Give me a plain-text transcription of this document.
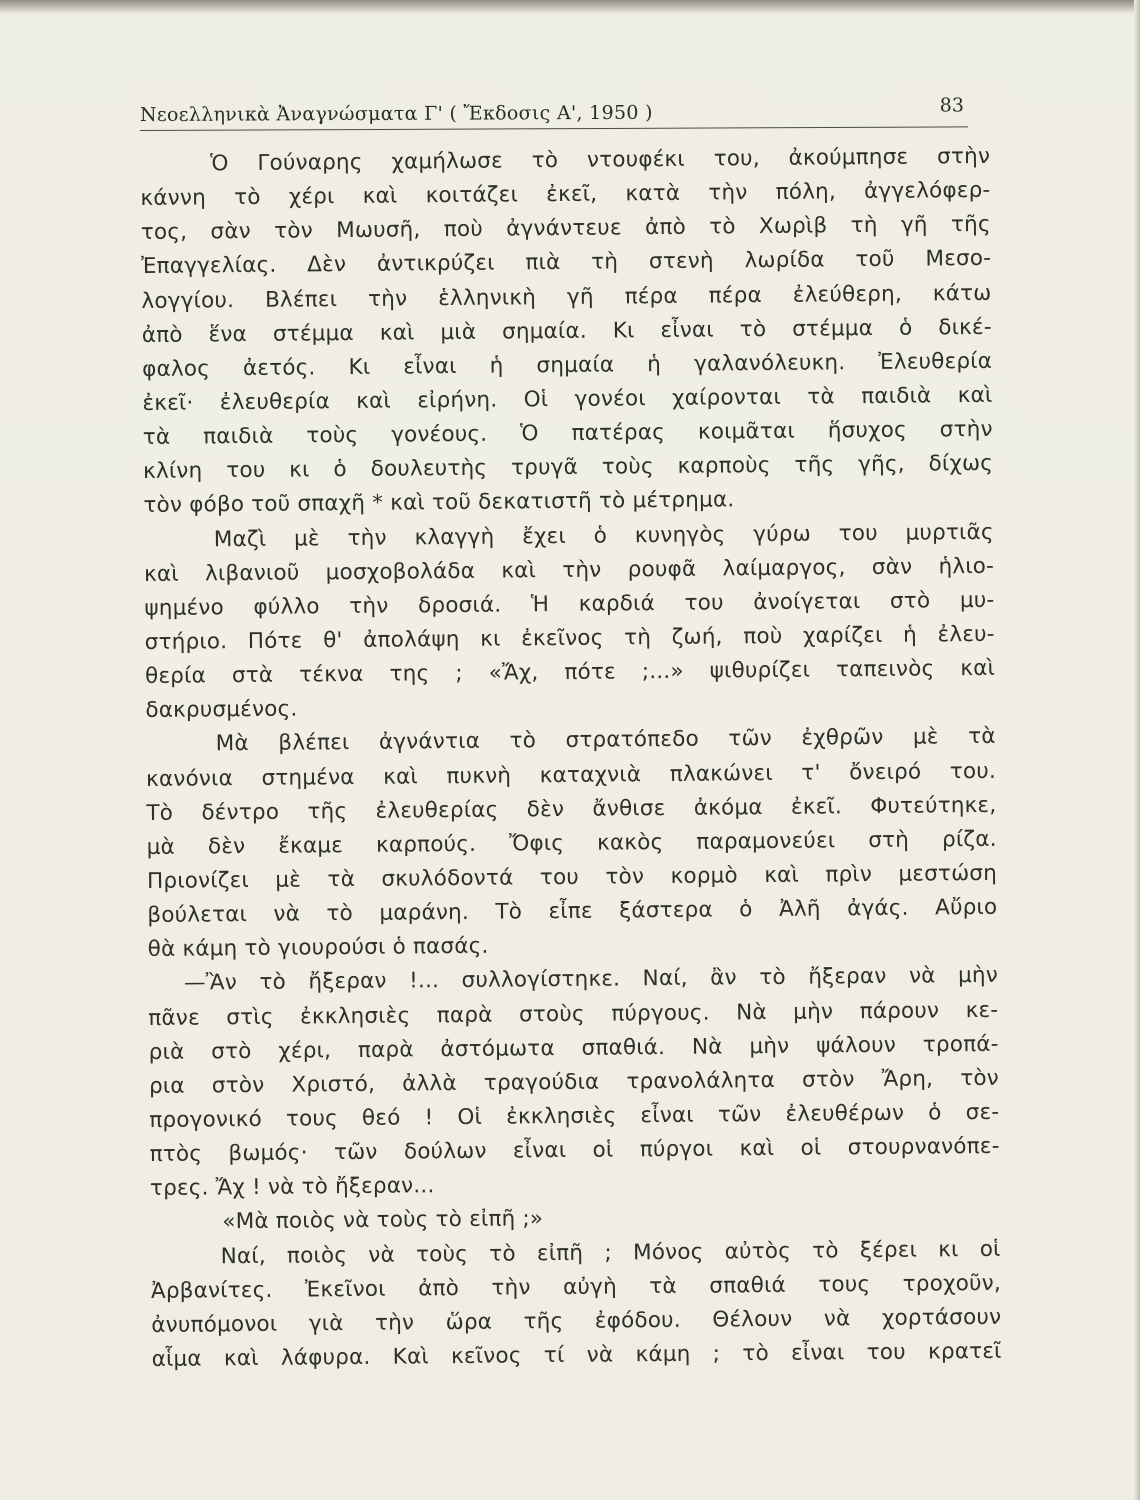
Νεοελληνικὰ Ἀναγνώσματα Γ' ( Ἔκδοσις Α', 1950 )	83
Ὁ Γούναρης χαμήλωσε τὸ ντουφέκι του, ἀκούμπησε στὴν
κάννη τὸ χέρι καὶ κοιτάζει ἐκεῖ, κατὰ τὴν πόλη, ἀγγελόφερ-
τος, σὰν τὸν Μωυσῆ, ποὺ ἀγνάντευε ἀπὸ τὸ Χωρὶβ τὴ γῆ τῆς
Ἐπαγγελίας. Δὲν ἀντικρύζει πιὰ τὴ στενὴ λωρίδα τοῦ Μεσο-
λογγίου. Βλέπει τὴν ἑλληνικὴ γῆ πέρα πέρα ἐλεύθερη, κάτω
ἀπὸ ἕνα στέμμα καὶ μιὰ σημαία. Κι εἶναι τὸ στέμμα ὁ δικέ-
φαλος ἀετός. Κι εἶναι ἡ σημαία ἡ γαλανόλευκη. Ἐλευθερία
ἐκεῖ· ἐλευθερία καὶ εἰρήνη. Οἱ γονέοι χαίρονται τὰ παιδιὰ καὶ
τὰ παιδιὰ τοὺς γονέους. Ὁ πατέρας κοιμᾶται ἥσυχος στὴν
κλίνη του κι ὁ δουλευτὴς τρυγᾶ τοὺς καρποὺς τῆς γῆς, δίχως
τὸν φόβο τοῦ σπαχῆ * καὶ τοῦ δεκατιστῆ τὸ μέτρημα.
Μαζὶ μὲ τὴν κλαγγὴ ἔχει ὁ κυνηγὸς γύρω του μυρτιᾶς
καὶ λιβανιοῦ μοσχοβολάδα καὶ τὴν ρουφᾶ λαίμαργος, σὰν ἡλιο-
ψημένο φύλλο τὴν δροσιά. Ἡ καρδιά του ἀνοίγεται στὸ μυ-
στήριο. Πότε θ' ἀπολάψη κι ἐκεῖνος τὴ ζωή, ποὺ χαρίζει ἡ ἐλευ-
θερία στὰ τέκνα της ; «Ἄχ, πότε ;...» ψιθυρίζει ταπεινὸς καὶ
δακρυσμένος.
Μὰ βλέπει ἀγνάντια τὸ στρατόπεδο τῶν ἐχθρῶν μὲ τὰ
κανόνια στημένα καὶ πυκνὴ καταχνιὰ πλακώνει τ' ὄνειρό του.
Τὸ δέντρο τῆς ἐλευθερίας δὲν ἄνθισε ἀκόμα ἐκεῖ. Φυτεύτηκε,
μὰ δὲν ἔκαμε καρπούς. Ὄφις κακὸς παραμονεύει στὴ ρίζα.
Πριονίζει μὲ τὰ σκυλόδοντά του τὸν κορμὸ καὶ πρὶν μεστώση
βούλεται νὰ τὸ μαράνη. Τὸ εἶπε ξάστερα ὁ Ἀλῆ ἀγάς. Αὔριο
θὰ κάμη τὸ γιουρούσι ὁ πασάς.
—Ἂν τὸ ἤξεραν !... συλλογίστηκε. Ναί, ἂν τὸ ἤξεραν νὰ μὴν
πᾶνε στὶς ἐκκλησιὲς παρὰ στοὺς πύργους. Νὰ μὴν πάρουν κε-
ριὰ στὸ χέρι, παρὰ ἀστόμωτα σπαθιά. Νὰ μὴν ψάλουν τροπά-
ρια στὸν Χριστό, ἀλλὰ τραγούδια τρανολάλητα στὸν Ἄρη, τὸν
προγονικό τους θεό ! Οἱ ἐκκλησιὲς εἶναι τῶν ἐλευθέρων ὁ σε-
πτὸς βωμός· τῶν δούλων εἶναι οἱ πύργοι καὶ οἱ στουρνανόπε-
τρες. Ἄχ ! νὰ τὸ ἤξεραν...
«Μὰ ποιὸς νὰ τοὺς τὸ εἰπῆ ;»
Ναί, ποιὸς νὰ τοὺς τὸ εἰπῆ ; Μόνος αὐτὸς τὸ ξέρει κι οἱ
Ἀρβανίτες. Ἐκεῖνοι ἀπὸ τὴν αὐγὴ τὰ σπαθιά τους τροχοῦν,
ἀνυπόμονοι γιὰ τὴν ὥρα τῆς ἐφόδου. Θέλουν νὰ χορτάσουν
αἷμα καὶ λάφυρα. Καὶ κεῖνος τί νὰ κάμη ; τὸ εἶναι του κρατεῖ
